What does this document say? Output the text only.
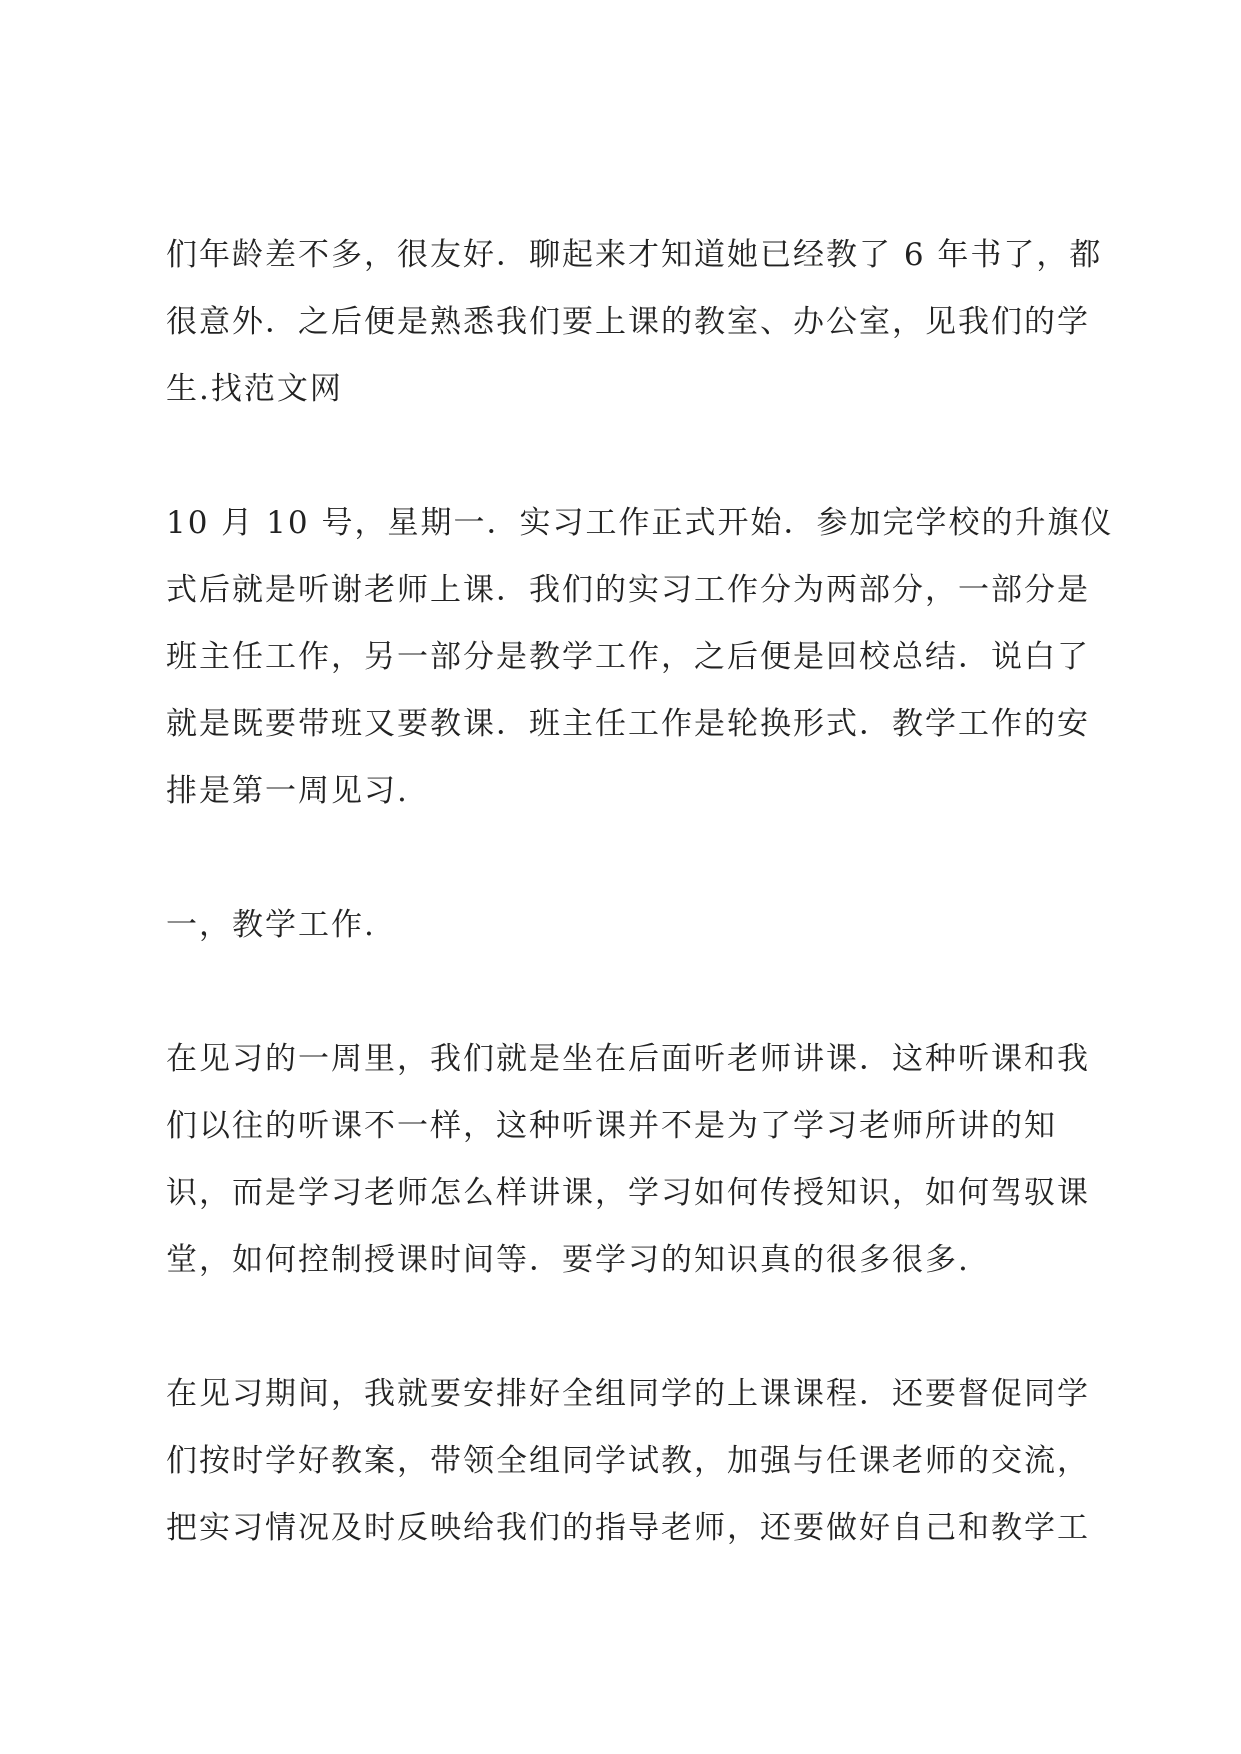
们年龄差不多，很友好．聊起来才知道她已经教了 6 年书了，都
很意外．之后便是熟悉我们要上课的教室、办公室，见我们的学
生.找范文网
10 月 10 号，星期一．实习工作正式开始．参加完学校的升旗仪
式后就是听谢老师上课．我们的实习工作分为两部分，一部分是
班主任工作，另一部分是教学工作，之后便是回校总结．说白了
就是既要带班又要教课．班主任工作是轮换形式．教学工作的安
排是第一周见习.
一，教学工作.
在见习的一周里，我们就是坐在后面听老师讲课．这种听课和我
们以往的听课不一样，这种听课并不是为了学习老师所讲的知
识，而是学习老师怎么样讲课，学习如何传授知识，如何驾驭课
堂，如何控制授课时间等．要学习的知识真的很多很多.
在见习期间，我就要安排好全组同学的上课课程．还要督促同学
们按时学好教案，带领全组同学试教，加强与任课老师的交流，
把实习情况及时反映给我们的指导老师，还要做好自己和教学工
